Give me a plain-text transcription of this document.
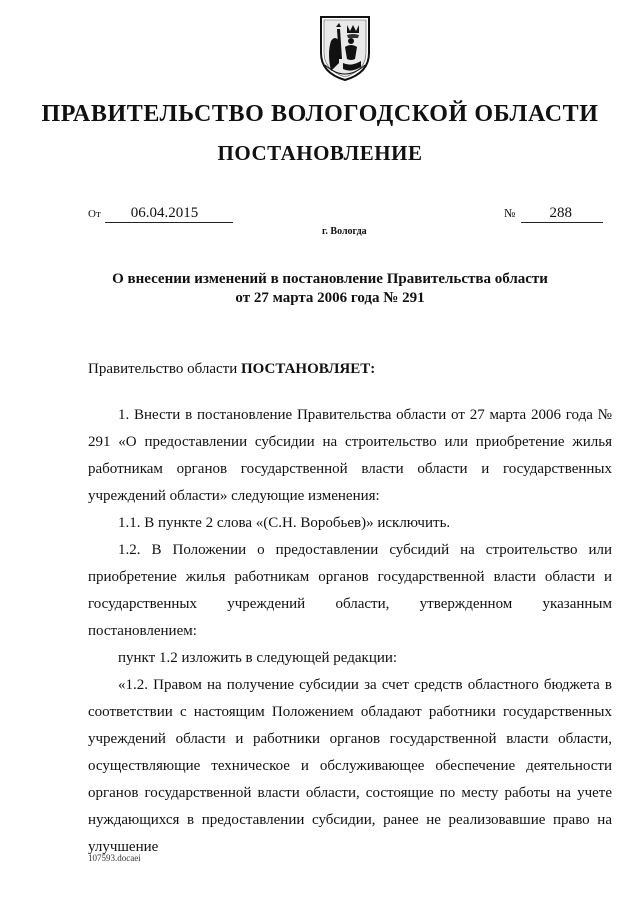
ПРАВИТЕЛЬСТВО ВОЛОГОДСКОЙ ОБЛАСТИ
ПОСТАНОВЛЕНИЕ
От 06.04.2015	№ 288
г. Вологда
О внесении изменений в постановление Правительства области
от 27 марта 2006 года № 291
Правительство области ПОСТАНОВЛЯЕТ:

1. Внести в постановление Правительства области от 27 марта 2006 года № 291 «О предоставлении субсидии на строительство или приобретение жилья работникам органов государственной власти области и государственных учреждений области» следующие изменения:

1.1. В пункте 2 слова «(С.Н. Воробьев)» исключить.

1.2. В Положении о предоставлении субсидий на строительство или приобретение жилья работникам органов государственной власти области и государственных учреждений области, утвержденном указанным постановлением:

пункт 1.2 изложить в следующей редакции:

«1.2. Правом на получение субсидии за счет средств областного бюджета в соответствии с настоящим Положением обладают работники государственных учреждений области и работники органов государственной власти области, осуществляющие техническое и обслуживающее обеспечение деятельности органов государственной власти области, состоящие по месту работы на учете нуждающихся в предоставлении субсидии, ранее не реализовавшие право на улучшение

107593.docaei
